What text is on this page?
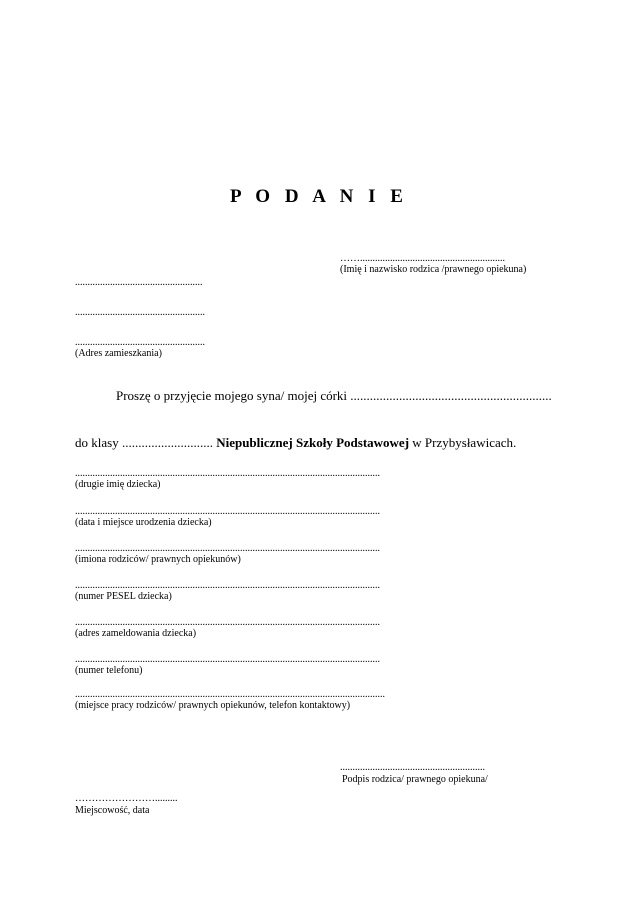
P O D A N I E
……..........................................................
(Imię i nazwisko rodzica /prawnego opiekuna)
...................................................
....................................................
....................................................
(Adres zamieszkania)
Proszę o przyjęcie mojego syna/ mojej córki ..............................................................
do klasy ............................ Niepublicznej Szkoły Podstawowej w Przybysławicach.
..........................................................................................................................
(drugie imię dziecka)
..........................................................................................................................
(data i miejsce urodzenia dziecka)
..........................................................................................................................
(imiona rodziców/ prawnych opiekunów)
..........................................................................................................................
(numer PESEL dziecka)
..........................................................................................................................
(adres zameldowania dziecka)
..........................................................................................................................
(numer telefonu)
............................................................................................................................
(miejsce pracy rodziców/ prawnych opiekunów, telefon kontaktowy)
..........................................................
Podpis rodzica/ prawnego opiekuna/
…………………….........
Miejscowość, data
